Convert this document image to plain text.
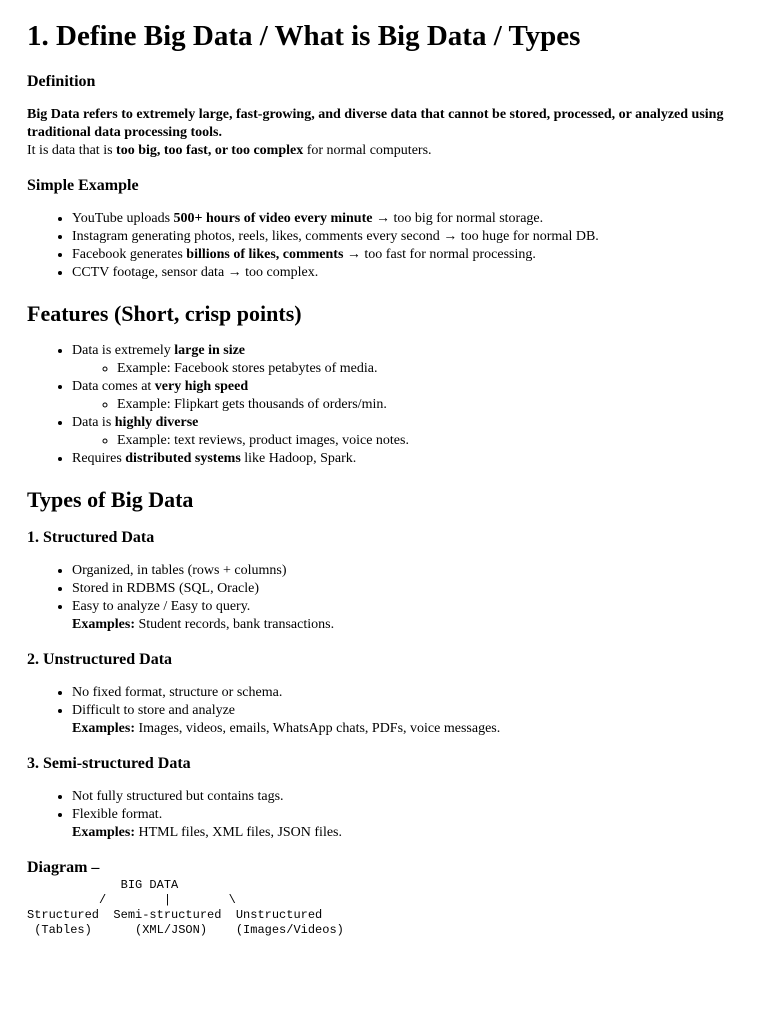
1. Define Big Data / What is Big Data / Types
Definition

Big Data refers to extremely large, fast-growing, and diverse data that cannot be stored, processed, or analyzed using traditional data processing tools.

It is data that is too big, too fast, or too complex for normal computers.

Simple Example
• YouTube uploads 500+ hours of video every minute → too big for normal storage.
• Instagram generating photos, reels, likes, comments every second → too huge for normal DB.
• Facebook generates billions of likes, comments → too fast for normal processing.
• CCTV footage, sensor data → too complex.
Features (Short, crisp points)
• Data is extremely large in size
◦ Example: Facebook stores petabytes of media.
• Data comes at very high speed
◦ Example: Flipkart gets thousands of orders/min.
• Data is highly diverse
◦ Example: text reviews, product images, voice notes.
• Requires distributed systems like Hadoop, Spark.
Types of Big Data
1. Structured Data
• Organized, in tables (rows + columns)
• Stored in RDBMS (SQL, Oracle)
• Easy to analyze / Easy to query.
Examples: Student records, bank transactions.
2. Unstructured Data
• No fixed format, structure or schema.
• Difficult to store and analyze
Examples: Images, videos, emails, WhatsApp chats, PDFs, voice messages.
3. Semi-structured Data
• Not fully structured but contains tags.
• Flexible format.
Examples: HTML files, XML files, JSON files.
Diagram –
BIG DATA
/        |        \
Structured  Semi-structured  Unstructured
(Tables)      (XML/JSON)    (Images/Videos)
